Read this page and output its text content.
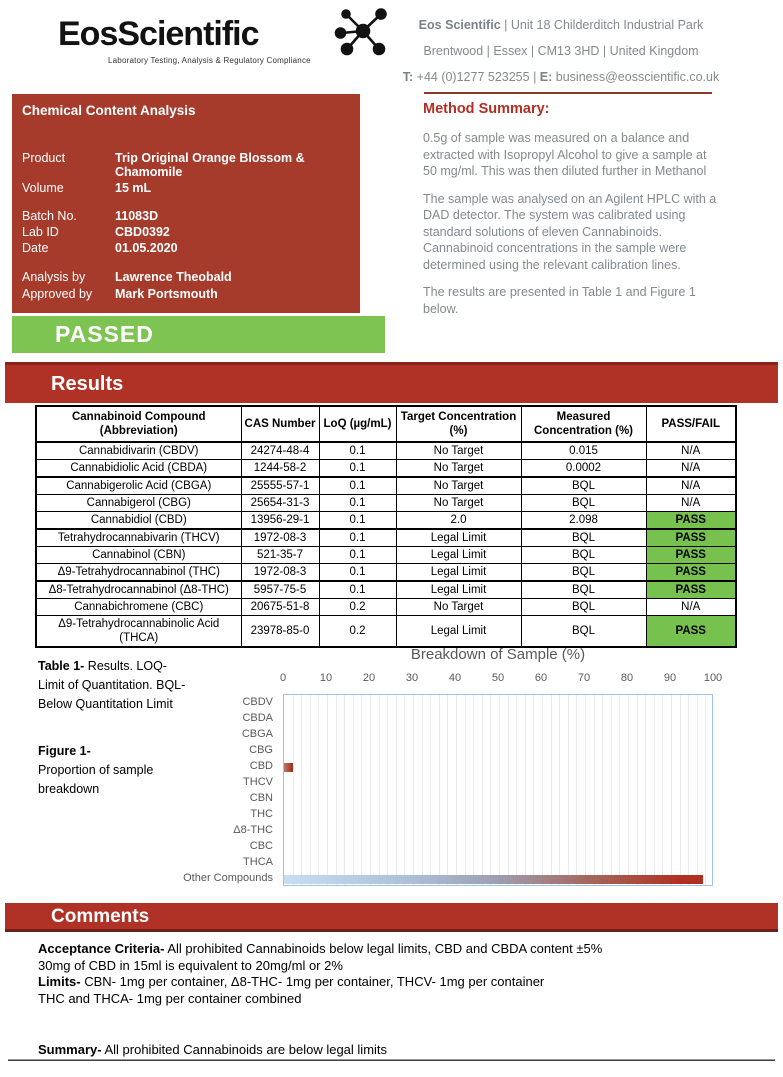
EosScientific
Laboratory Testing, Analysis & Regulatory Compliance
Eos Scientific | Unit 18 Childerditch Industrial Park
Brentwood | Essex | CM13 3HD | United Kingdom
T: +44 (0)1277 523255 | E: business@eosscientific.co.uk
Chemical Content Analysis
Product	Trip Original Orange Blossom & Chamomile
Volume	15 mL
Batch No.	11083D
Lab ID	CBD0392
Date	01.05.2020
Analysis by Lawrence Theobald
Approved by Mark Portsmouth
PASSED
Method Summary:

0.5g of sample was measured on a balance and extracted with Isopropyl Alcohol to give a sample at 50 mg/ml. This was then diluted further in Methanol

The sample was analysed on an Agilent HPLC with a DAD detector. The system was calibrated using standard solutions of eleven Cannabinoids. Cannabinoid concentrations in the sample were determined using the relevant calibration lines.

The results are presented in Table 1 and Figure 1 below.

Results
Cannabinoid Compound (Abbreviation)	CAS Number	LoQ (µg/mL)	Target Concentration (%)	Measured Concentration (%)	PASS/FAIL
Cannabidivarin (CBDV)	24274-48-4	0.1	No Target	0.015	N/A
Cannabidiolic Acid (CBDA)	1244-58-2	0.1	No Target	0.0002	N/A
Cannabigerolic Acid (CBGA)	25555-57-1	0.1	No Target	BQL	N/A
Cannabigerol (CBG)	25654-31-3	0.1	No Target	BQL	N/A
Cannabidiol (CBD)	13956-29-1	0.1	2.0	2.098	PASS
Tetrahydrocannabivarin (THCV)	1972-08-3	0.1	Legal Limit	BQL	PASS
Cannabinol (CBN)	521-35-7	0.1	Legal Limit	BQL	PASS
Δ9-Tetrahydrocannabinol (THC)	1972-08-3	0.1	Legal Limit	BQL	PASS
Δ8-Tetrahydrocannabinol (Δ8-THC)	5957-75-5	0.1	Legal Limit	BQL	PASS
Cannabichromene (CBC)	20675-51-8	0.2	No Target	BQL	N/A
Δ9-Tetrahydrocannabinolic Acid (THCA)	23978-85-0	0.2	Legal Limit	BQL	PASS
Table 1- Results. LOQ- Limit of Quantitation. BQL- Below Quantitation Limit
Figure 1-
Proportion of sample breakdown
Breakdown of Sample (%)
0	10	20	30	40	50	60	70	80	90	100
CBDV
CBDA
CBGA
CBG
CBD
THCV
CBN
THC
Δ8-THC
CBC
THCA
Other Compounds
Comments
Acceptance Criteria- All prohibited Cannabinoids below legal limits, CBD and CBDA content ±5%
30mg of CBD in 15ml is equivalent to 20mg/ml or 2%
Limits- CBN- 1mg per container, Δ8-THC- 1mg per container, THCV- 1mg per container
THC and THCA- 1mg per container combined
Summary- All prohibited Cannabinoids are below legal limits
